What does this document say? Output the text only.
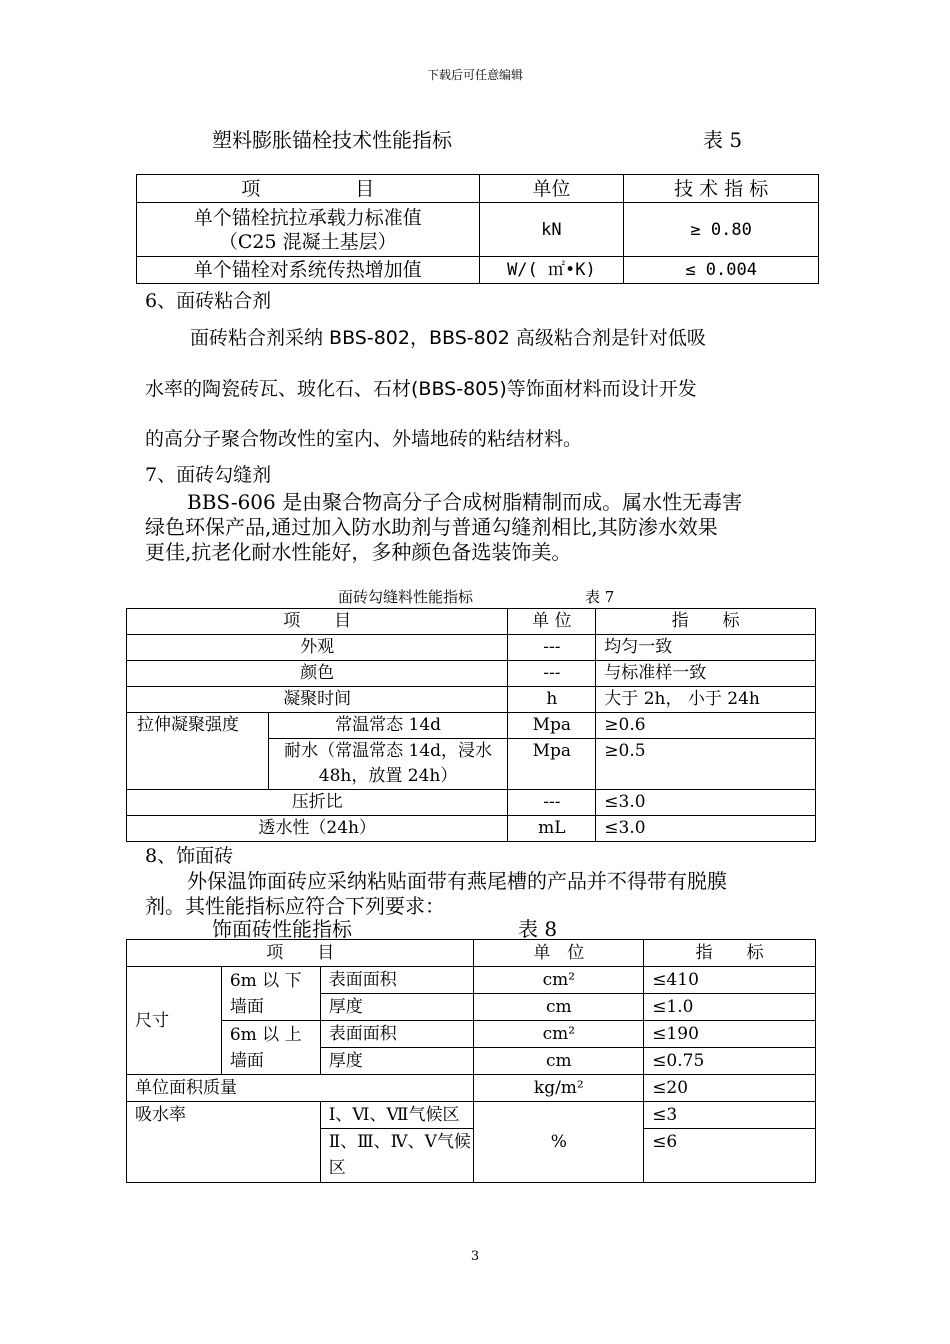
下载后可任意编辑
塑料膨胀锚栓技术性能指标	表 5
项　　　　　目	单位	技 术 指 标

单个锚栓抗拉承载力标准值
（C25 混凝土基层）	kN	≥ 0.80
单个锚栓对系统传热增加值	W/( ㎡•K)	≤ 0.004
6、面砖粘合剂
面砖粘合剂采纳 BBS-802，BBS-802 高级粘合剂是针对低吸
水率的陶瓷砖瓦、玻化石、石材(BBS-805)等饰面材料而设计开发
的高分子聚合物改性的室内、外墙地砖的粘结材料。
7、面砖勾缝剂
BBS-606 是由聚合物高分子合成树脂精制而成。属水性无毒害
绿色环保产品,通过加入防水助剂与普通勾缝剂相比,其防渗水效果
更佳,抗老化耐水性能好，多种颜色备选装饰美。
面砖勾缝料性能指标	表 7
项　　目		单 位	指　　标
外观		---	均匀一致
颜色		---	与标准样一致
凝聚时间		h	大于 2h， 小于 24h
拉伸凝聚强度	常温常态 14d	Mpa	≥0.6
	耐水（常温常态 14d，浸水 48h，放置 24h）	Mpa	≥0.5
压折比		---	≤3.0
透水性（24h）		mL	≤3.0
8、饰面砖
外保温饰面砖应采纳粘贴面带有燕尾槽的产品并不得带有脱膜
剂。其性能指标应符合下列要求：
饰面砖性能指标	表 8
项　　目			单　位	指　　标
尺寸	6m 以 下 墙面	表面面积	cm²	≤410
		厚度	cm	≤1.0
	6m 以 上 墙面	表面面积	cm²	≤190
		厚度	cm	≤0.75
单位面积质量			kg/m²	≤20
吸水率		Ⅰ、Ⅵ、Ⅶ气候区	%	≤3
		Ⅱ、Ⅲ、Ⅳ、Ⅴ气候区		≤6
3
